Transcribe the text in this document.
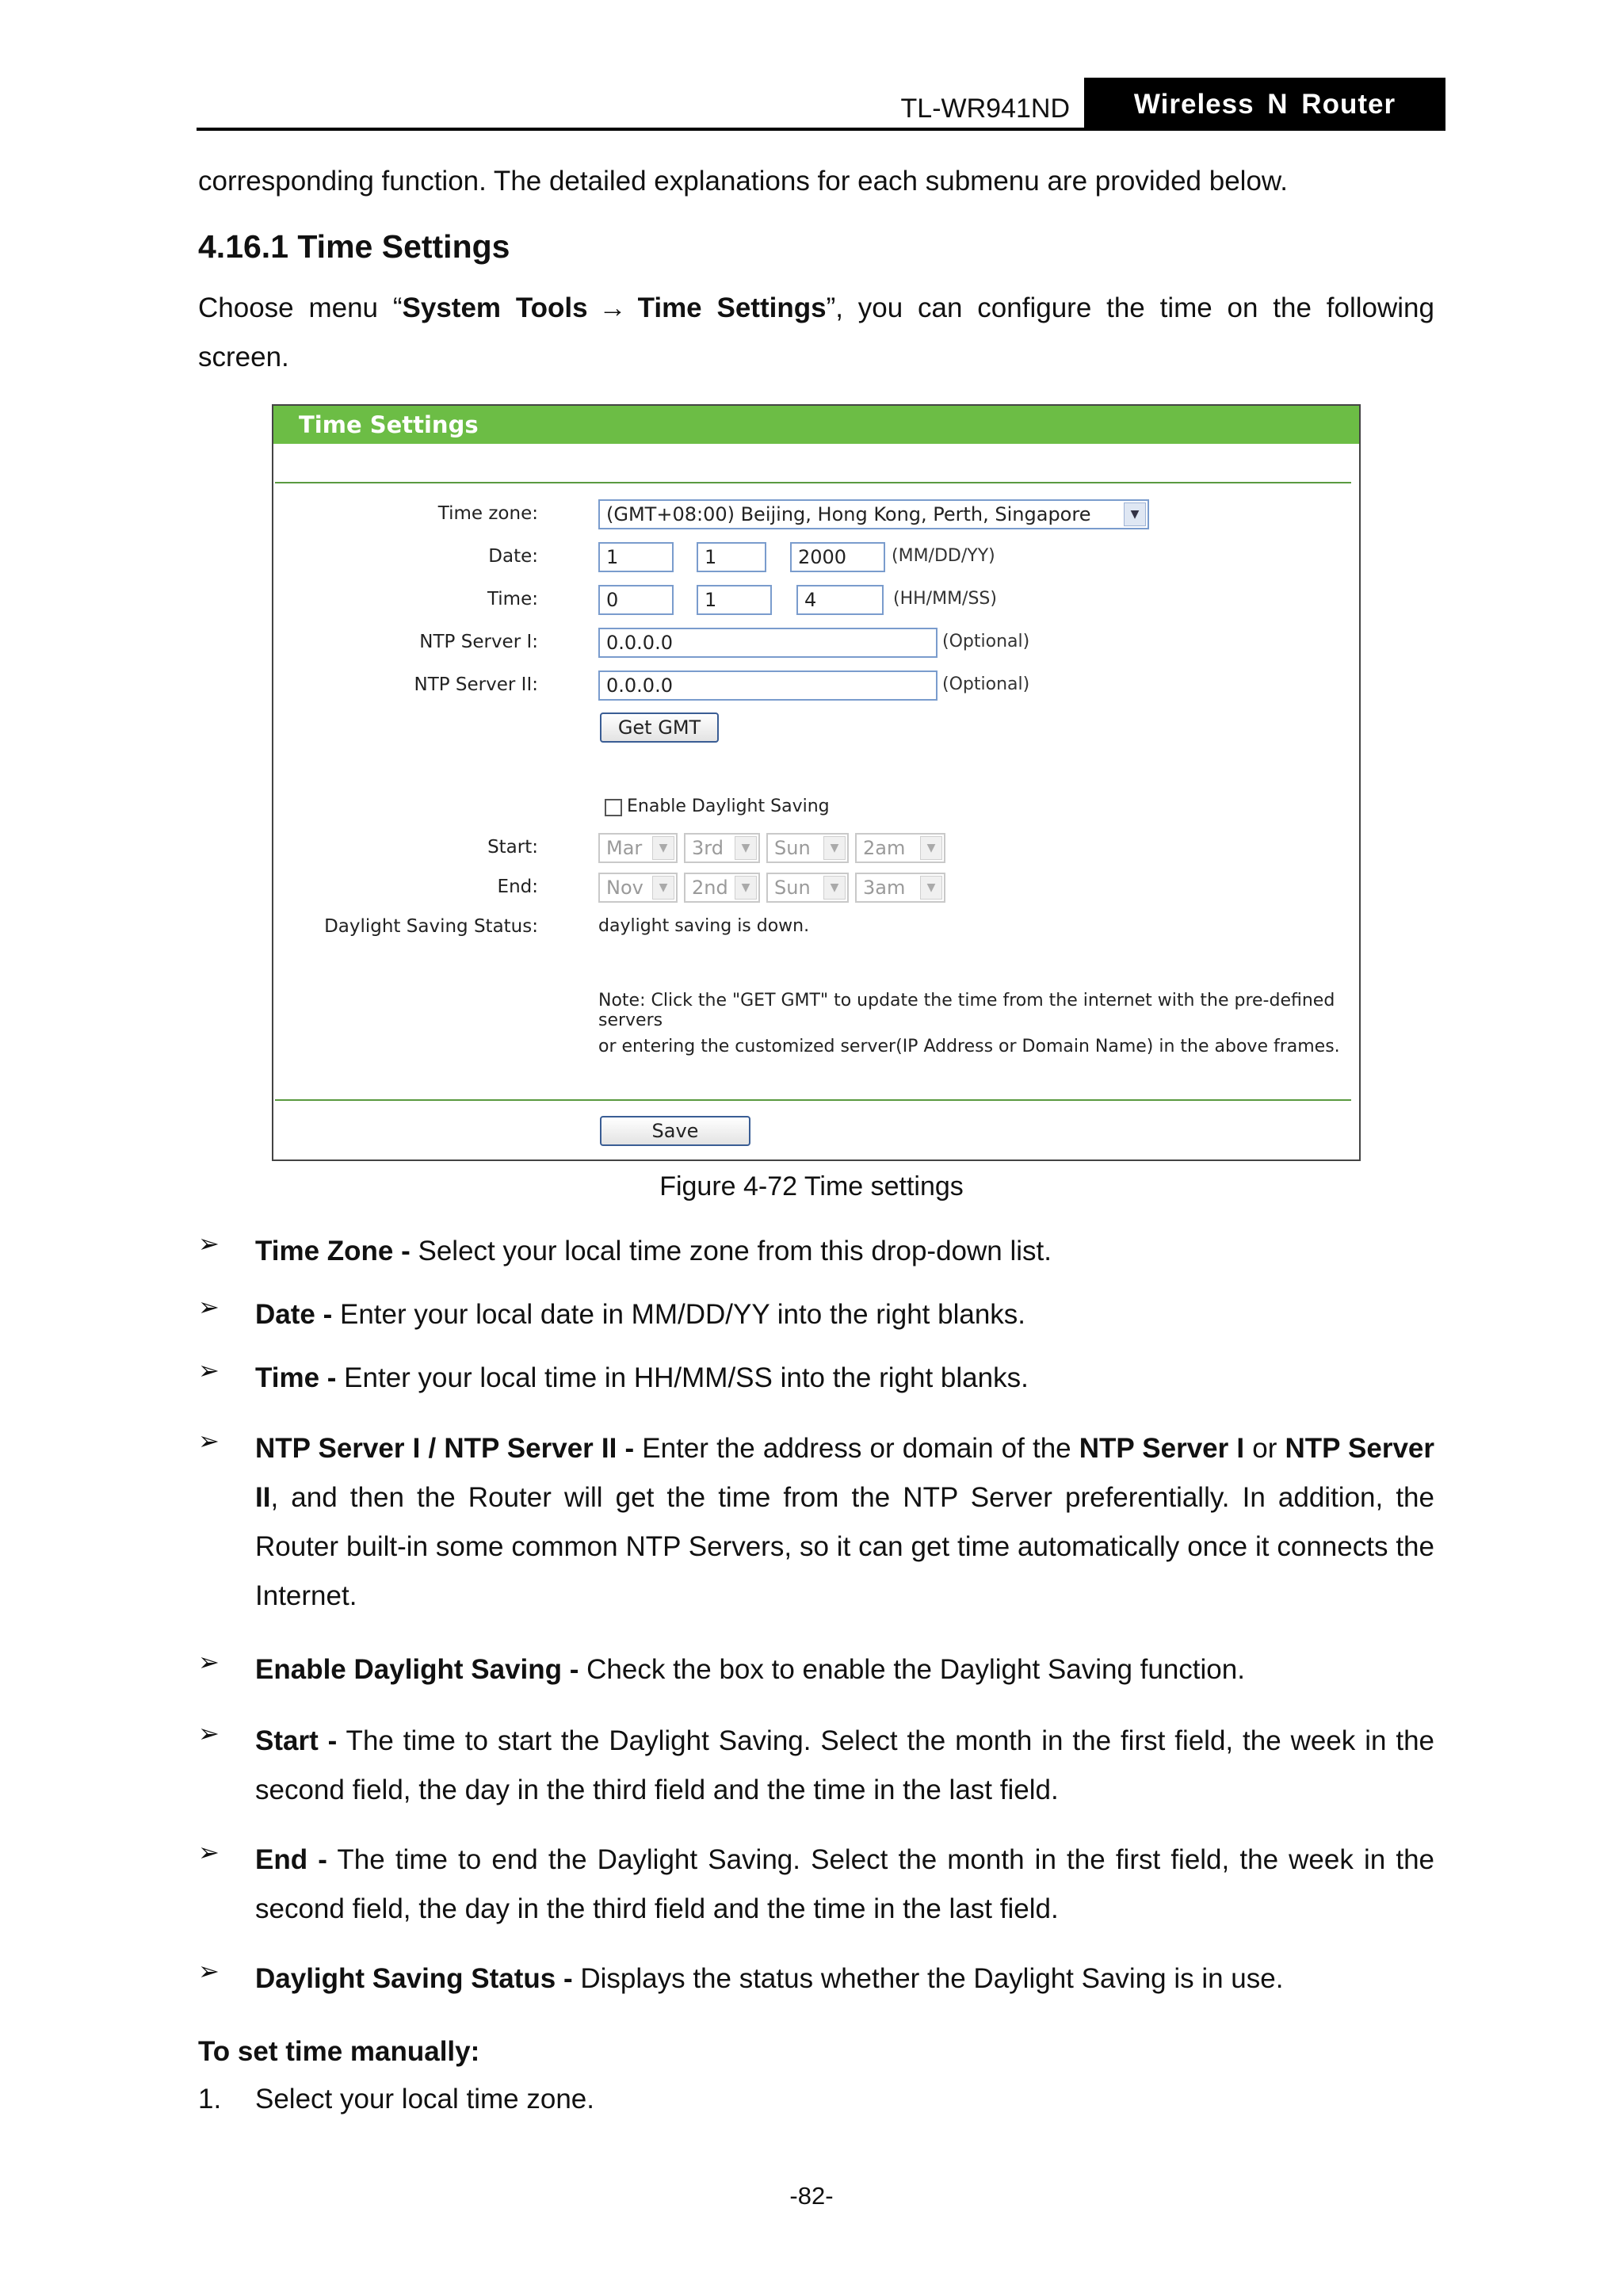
TL-WR941ND	Wireless N Router
corresponding function. The detailed explanations for each submenu are provided below.
4.16.1 Time Settings
Choose menu “System Tools → Time Settings”, you can configure the time on the following screen.
Time Settings
Time zone:	(GMT+08:00) Beijing, Hong Kong, Perth, Singapore	▼
Date:	1	1	2000	(MM/DD/YY)
Time:	0	1	4	(HH/MM/SS)
NTP Server I:	0.0.0.0	(Optional)
NTP Server II:	0.0.0.0	(Optional)
Get GMT
Enable Daylight Saving
Start:	Mar	▼	3rd	▼	Sun	▼	2am	▼
End:	Nov	▼	2nd	▼	Sun	▼	3am	▼
Daylight Saving Status:	daylight saving is down.
Note: Click the "GET GMT" to update the time from the internet with the pre-defined servers
or entering the customized server(IP Address or Domain Name) in the above frames.
Save
Figure 4-72 Time settings
➢ Time Zone - Select your local time zone from this drop-down list.
➢ Date - Enter your local date in MM/DD/YY into the right blanks.
➢ Time - Enter your local time in HH/MM/SS into the right blanks.
➢ NTP Server I / NTP Server II - Enter the address or domain of the NTP Server I or NTP Server II, and then the Router will get the time from the NTP Server preferentially. In addition, the Router built-in some common NTP Servers, so it can get time automatically once it connects the Internet.
➢ Enable Daylight Saving - Check the box to enable the Daylight Saving function.
➢ Start - The time to start the Daylight Saving. Select the month in the first field, the week in the second field, the day in the third field and the time in the last field.
➢ End - The time to end the Daylight Saving. Select the month in the first field, the week in the second field, the day in the third field and the time in the last field.
➢ Daylight Saving Status - Displays the status whether the Daylight Saving is in use.
To set time manually:
1.	Select your local time zone.
-82-
